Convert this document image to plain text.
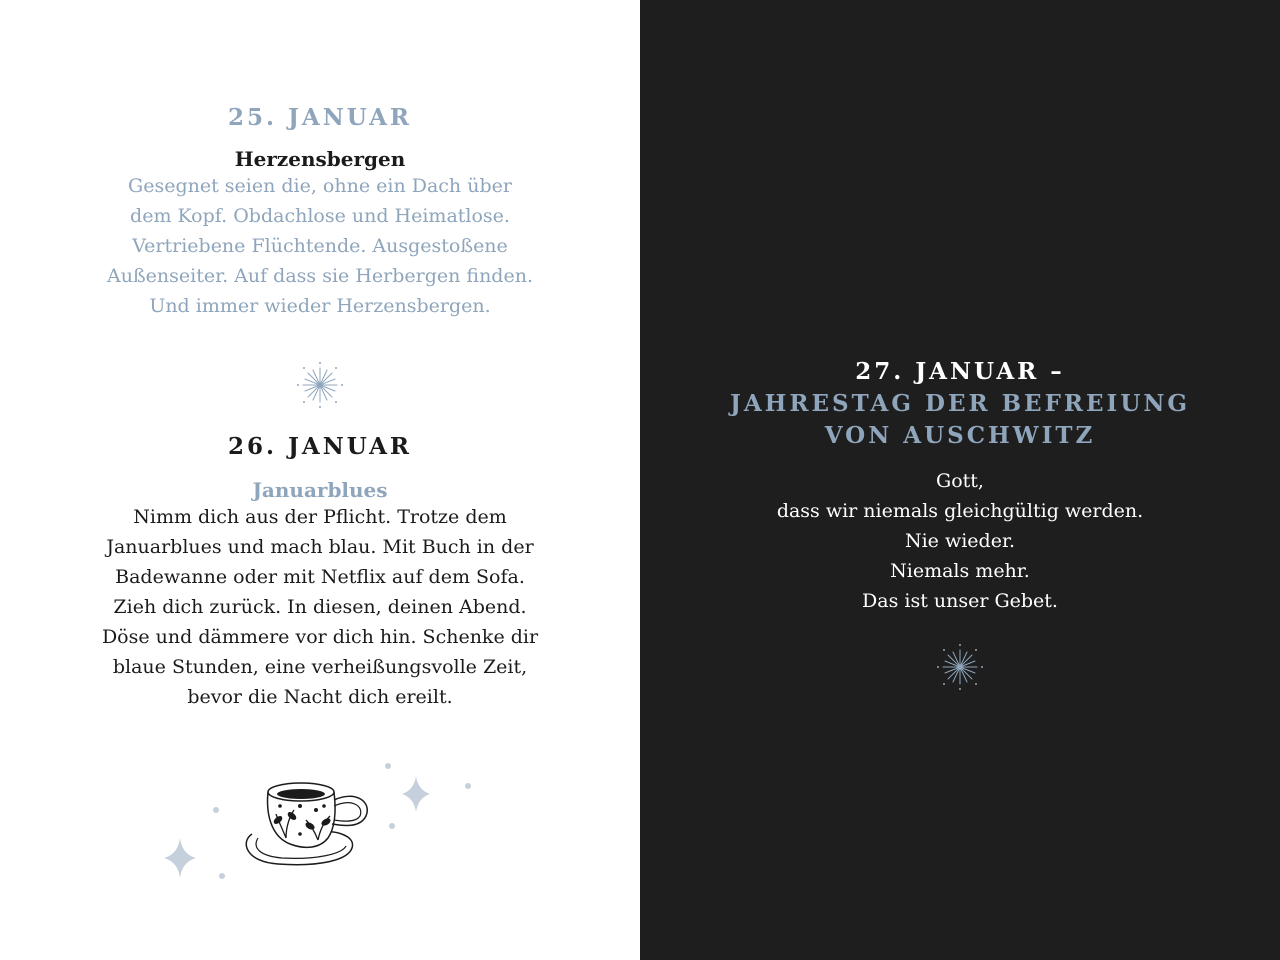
25. JANUAR

Herzensbergen

Gesegnet seien die, ohne ein Dach über
dem Kopf. Obdachlose und Heimatlose.
Vertriebene Flüchtende. Ausgestoßene
Außenseiter. Auf dass sie Herbergen finden.
Und immer wieder Herzensbergen.

26. JANUAR

Januarblues

Nimm dich aus der Pflicht. Trotze dem
Januarblues und mach blau. Mit Buch in der
Badewanne oder mit Netflix auf dem Sofa.
Zieh dich zurück. In diesen, deinen Abend.
Döse und dämmere vor dich hin. Schenke dir
blaue Stunden, eine verheißungsvolle Zeit,
bevor die Nacht dich ereilt.

27. JANUAR –

JAHRESTAG DER BEFREIUNG
VON AUSCHWITZ

Gott,
dass wir niemals gleichgültig werden.
Nie wieder.
Niemals mehr.
Das ist unser Gebet.
